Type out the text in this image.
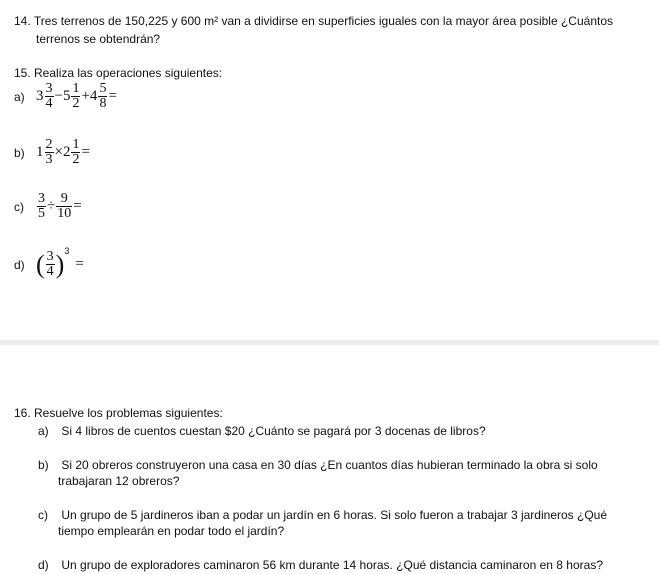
14. Tres terrenos de 150,225 y 600 m² van a dividirse en superficies iguales con la mayor área posible ¿Cuántos
terrenos se obtendrán?
15. Realiza las operaciones siguientes:
a) $3 \frac{3}{4} -5 \frac{1}{2} +4 \frac{5}{8}$ =
b) $1 \frac{2}{3} \times 2 \frac{1}{2}$ =
$c) \frac{3}{5} \div \frac{9}{10}$ =
d) ( $\frac{3}{4} )^3$
=
16. Resuelve los problemas siguientes:
a) Si 4 libros de cuentos cuestan $20 ¿Cuánto se pagará por 3 docenas de libros?
b) Si 20 obreros construyeron una casa en 30 días ¿En cuantos días hubieran terminado la obra si solo
trabajaran 12 obreros?
c) Un grupo de 5 jardineros iban a podar un jardín en 6 horas. Si solo fueron a trabajar 3 jardineros ¿Qué
tiempo emplearán en podar todo el jardín?
d) Un grupo de exploradores caminaron 56 km durante 14 horas. ¿Qué distancia caminaron en 8 horas?
